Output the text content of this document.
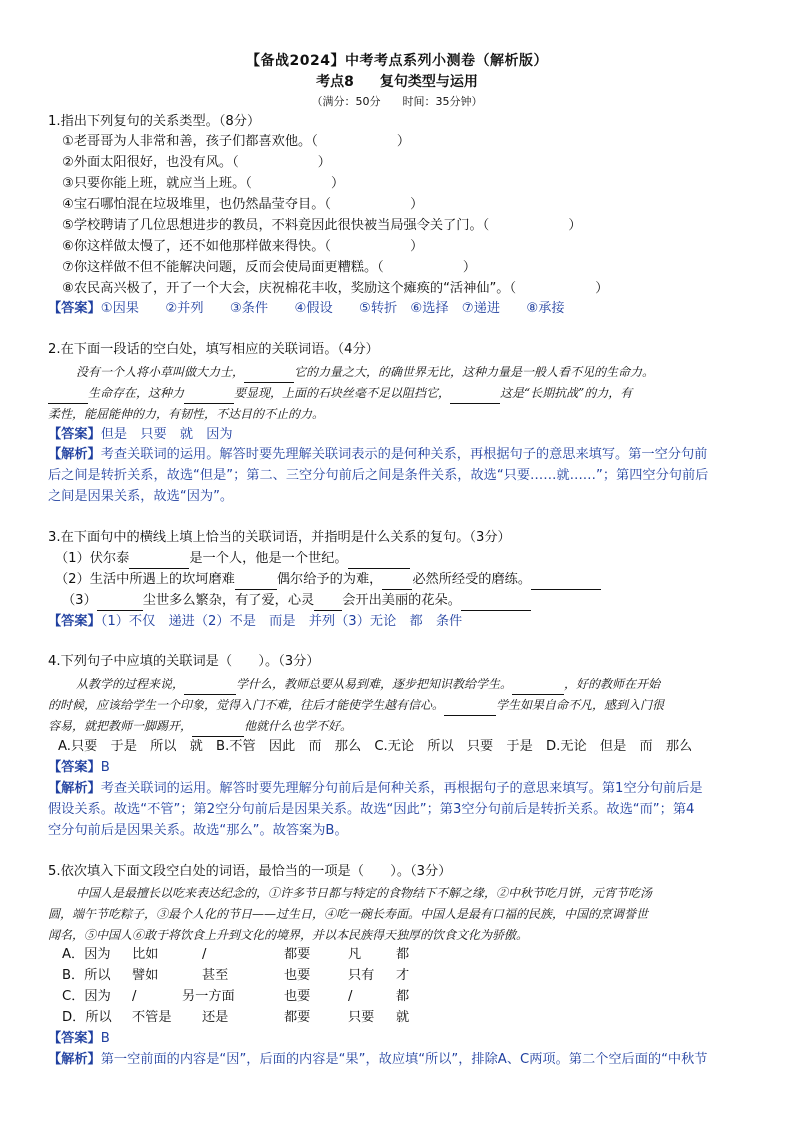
【备战2024】中考考点系列小测卷（解析版）
考点8 复句类型与运用
（满分：50分　　时间：35分钟）
1.指出下列复句的关系类型。（8分）
①老哥哥为人非常和善，孩子们都喜欢他。（　　　　　　）
②外面太阳很好，也没有风。（　　　　　　）
③只要你能上班，就应当上班。（　　　　　　）
④宝石哪怕混在垃圾堆里，也仍然晶莹夺目。（　　　　　　）
⑤学校聘请了几位思想进步的教员，不料竟因此很快被当局强令关了门。（　　　　　　）
⑥你这样做太慢了，还不如他那样做来得快。（　　　　　　）
⑦你这样做不但不能解决问题，反而会使局面更糟糕。（　　　　　　）
⑧农民高兴极了，开了一个大会，庆祝棉花丰收，奖励这个瘫痪的“活神仙”。（　　　　　　）
【答案】①因果　　②并列　　③条件　　④假设　　⑤转折　⑥选择　⑦递进　　⑧承接
2.在下面一段话的空白处，填写相应的关联词语。（4分）
没有一个人将小草叫做大力士，	它的力量之大，的确世界无比，这种力量是一般人看不见的生命力。
生命存在，这种力	要显现，上面的石块丝毫不足以阻挡它，	这是“长期抗战”的力，有
柔性，能屈能伸的力，有韧性，不达目的不止的力。
【答案】但是　只要　就　因为
【解析】考查关联词的运用。解答时要先理解关联词表示的是何种关系，再根据句子的意思来填写。第一空分句前
后之间是转折关系，故选“但是”；第二、三空分句前后之间是条件关系，故选“只要……就……”；第四空分句前后
之间是因果关系，故选“因为”。
3.在下面句中的横线上填上恰当的关联词语，并指明是什么关系的复句。（3分）
（1）伏尔泰	是一个人，他是一个世纪。
（2）生活中所遇上的坎坷磨难	偶尔给予的为难， 必然所经受的磨练。
（3）	尘世多么繁杂，有了爱，心灵 会开出美丽的花朵。
【答案】（1）不仅　递进（2）不是　而是　并列（3）无论　都　条件
4.下列句子中应填的关联词是（　　）。（3分）
从教学的过程来说，	学什么，教师总要从易到难，逐步把知识教给学生。	，好的教师在开始
的时候，应该给学生一个印象，觉得入门不难，往后才能使学生越有信心。	学生如果自命不凡，感到入门很
容易，就把教师一脚踢开，	他就什么也学不好。
A.只要　于是　所以　就　B.不管　因此　而　那么　C.无论　所以　只要　于是　D.无论　但是　而　那么
【答案】B
【解析】考查关联词的运用。解答时要先理解分句前后是何种关系，再根据句子的意思来填写。第1空分句前后是
假设关系。故选“不管”；第2空分句前后是因果关系。故选“因此”；第3空分句前后是转折关系。故选“而”；第4
空分句前后是因果关系。故选“那么”。故答案为B。
5.依次填入下面文段空白处的词语，最恰当的一项是（　　）。（3分）
中国人是最擅长以吃来表达纪念的，①许多节日都与特定的食物结下不解之缘，②中秋节吃月饼，元宵节吃汤
圆，端午节吃粽子，③最个人化的节日——过生日，④吃一碗长寿面。中国人是最有口福的民族，中国的烹调誉世
闻名，⑤中国人⑥敢于将饮食上升到文化的境界，并以本民族得天独厚的饮食文化为骄傲。
A．因为 比如	/	都要	凡	都
B．所以 譬如	甚至	也要	只有 才
C．因为 /	另一方面	也要	/	都
D．所以 不管是 还是	都要	只要 就
【答案】B
【解析】第一空前面的内容是“因”，后面的内容是“果”，故应填“所以”，排除A、C两项。第二个空后面的“中秋节
